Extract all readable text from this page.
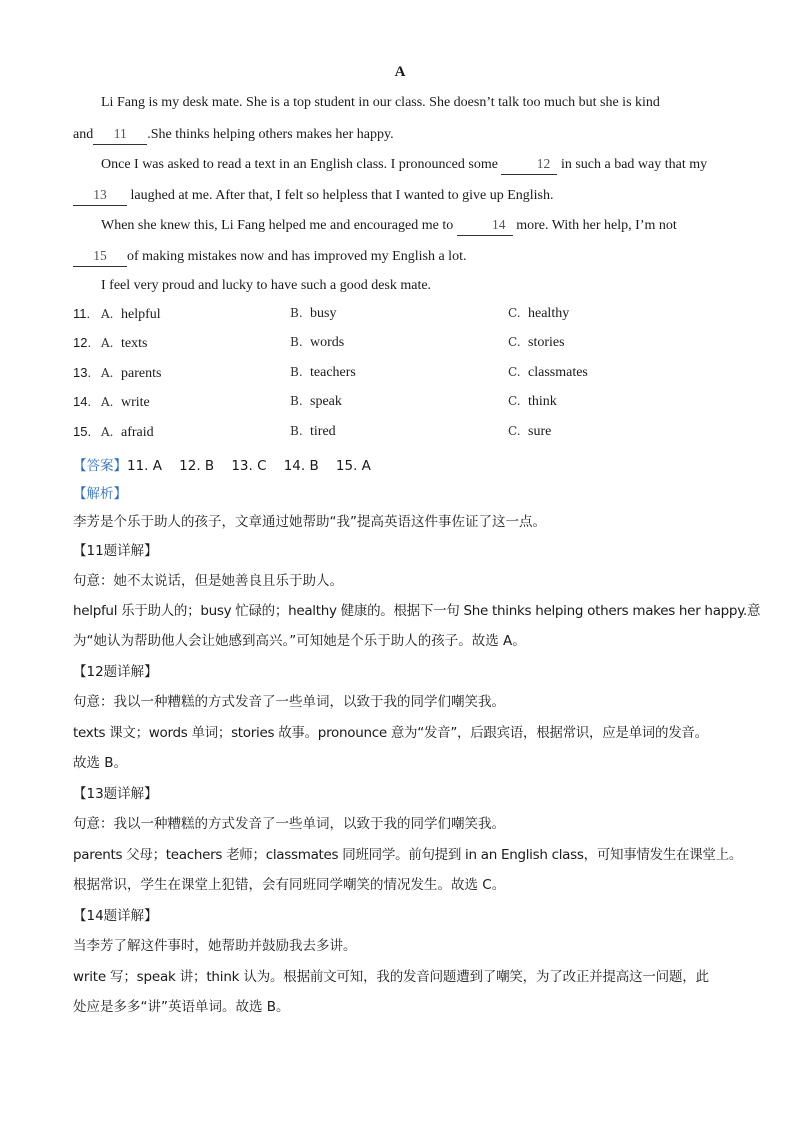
A
Li Fang is my desk mate. She is a top student in our class. She doesn’t talk too much but she is kind
and 11 .She thinks helping others makes her happy.
Once I was asked to read a text in an English class. I pronounced some	12 in such a bad way that my
13 laughed at me. After that, I felt so helpless that I wanted to give up English.
When she knew this, Li Fang helped me and encouraged me to	14 more. With her help, I’m not
15 of making mistakes now and has improved my English a lot.
I feel very proud and lucky to have such a good desk mate.
11. A. helpful	B. busy	C. healthy
12. A. texts	B. words	C. stories
13. A. parents	B. teachers	C. classmates
14. A. write	B. speak	C. think
15. A. afraid	B. tired	C. sure
【答案】11. A    12. B    13. C    14. B    15. A
【解析】
李芳是个乐于助人的孩子，文章通过她帮助“我”提高英语这件事佐证了这一点。
【11题详解】
句意：她不太说话，但是她善良且乐于助人。
helpful 乐于助人的；busy 忙碌的；healthy 健康的。根据下一句 She thinks helping others makes her happy.意
为“她认为帮助他人会让她感到高兴。”可知她是个乐于助人的孩子。故选 A。
【12题详解】
句意：我以一种糟糕的方式发音了一些单词，以致于我的同学们嘲笑我。
texts 课文；words 单词；stories 故事。pronounce 意为“发音”，后跟宾语，根据常识，应是单词的发音。
故选 B。
【13题详解】
句意：我以一种糟糕的方式发音了一些单词，以致于我的同学们嘲笑我。
parents 父母；teachers 老师；classmates 同班同学。前句提到 in an English class，可知事情发生在课堂上。
根据常识，学生在课堂上犯错，会有同班同学嘲笑的情况发生。故选 C。
【14题详解】
当李芳了解这件事时，她帮助并鼓励我去多讲。
write 写；speak 讲；think 认为。根据前文可知，我的发音问题遭到了嘲笑，为了改正并提高这一问题，此
处应是多多“讲”英语单词。故选 B。
